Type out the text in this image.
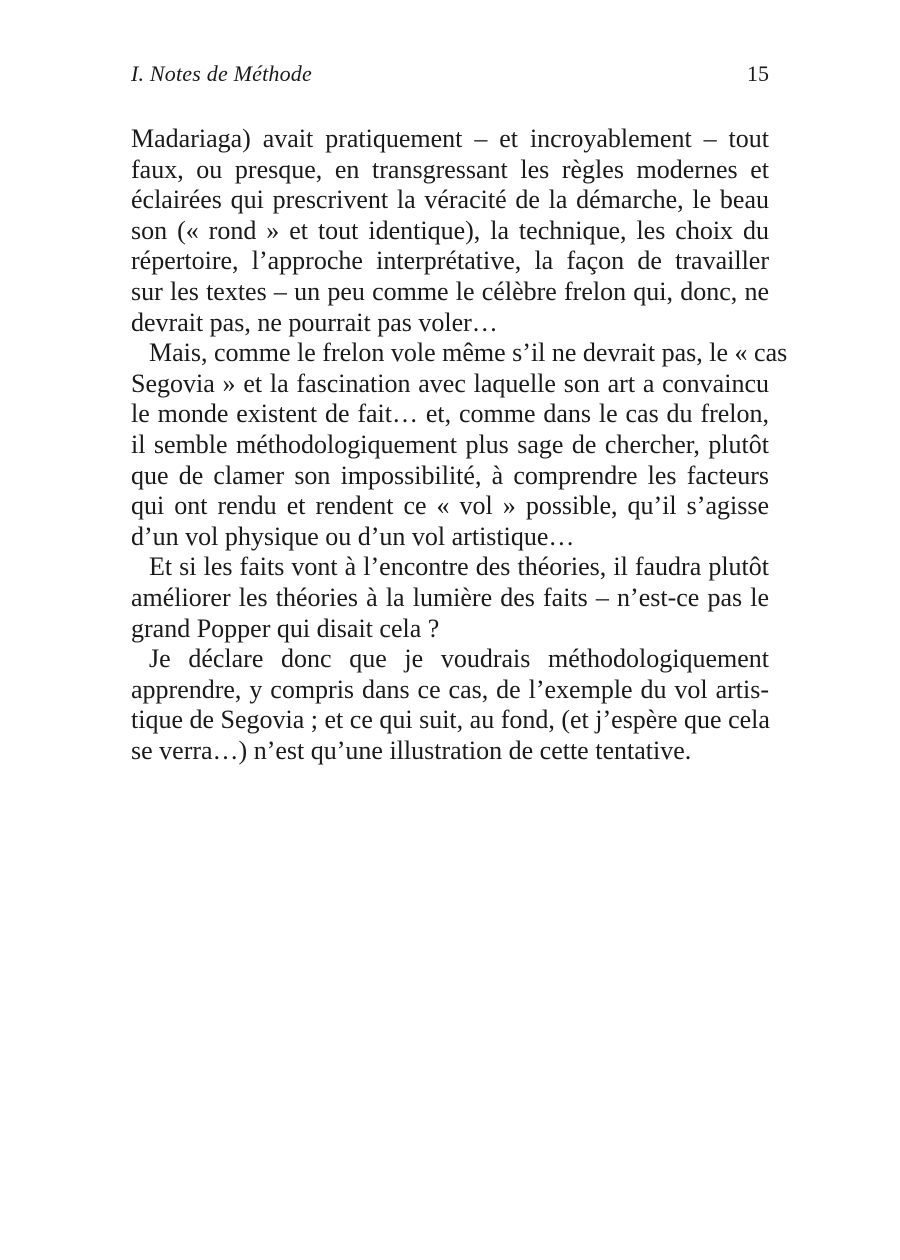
I. Notes de Méthode	15
Madariaga) avait pratiquement – et incroyablement – tout
faux, ou presque, en transgressant les règles modernes et
éclairées qui prescrivent la véracité de la démarche, le beau
son (« rond » et tout identique), la technique, les choix du
répertoire, l’approche interprétative, la façon de travailler
sur les textes – un peu comme le célèbre frelon qui, donc, ne
devrait pas, ne pourrait pas voler…
Mais, comme le frelon vole même s’il ne devrait pas, le « cas
Segovia » et la fascination avec laquelle son art a convaincu
le monde existent de fait… et, comme dans le cas du frelon,
il semble méthodologiquement plus sage de chercher, plutôt
que de clamer son impossibilité, à comprendre les facteurs
qui ont rendu et rendent ce « vol » possible, qu’il s’agisse
d’un vol physique ou d’un vol artistique…
Et si les faits vont à l’encontre des théories, il faudra plutôt
améliorer les théories à la lumière des faits – n’est-ce pas le
grand Popper qui disait cela ?
Je déclare donc que je voudrais méthodologiquement
apprendre, y compris dans ce cas, de l’exemple du vol artis-
tique de Segovia ; et ce qui suit, au fond, (et j’espère que cela
se verra…) n’est qu’une illustration de cette tentative.
